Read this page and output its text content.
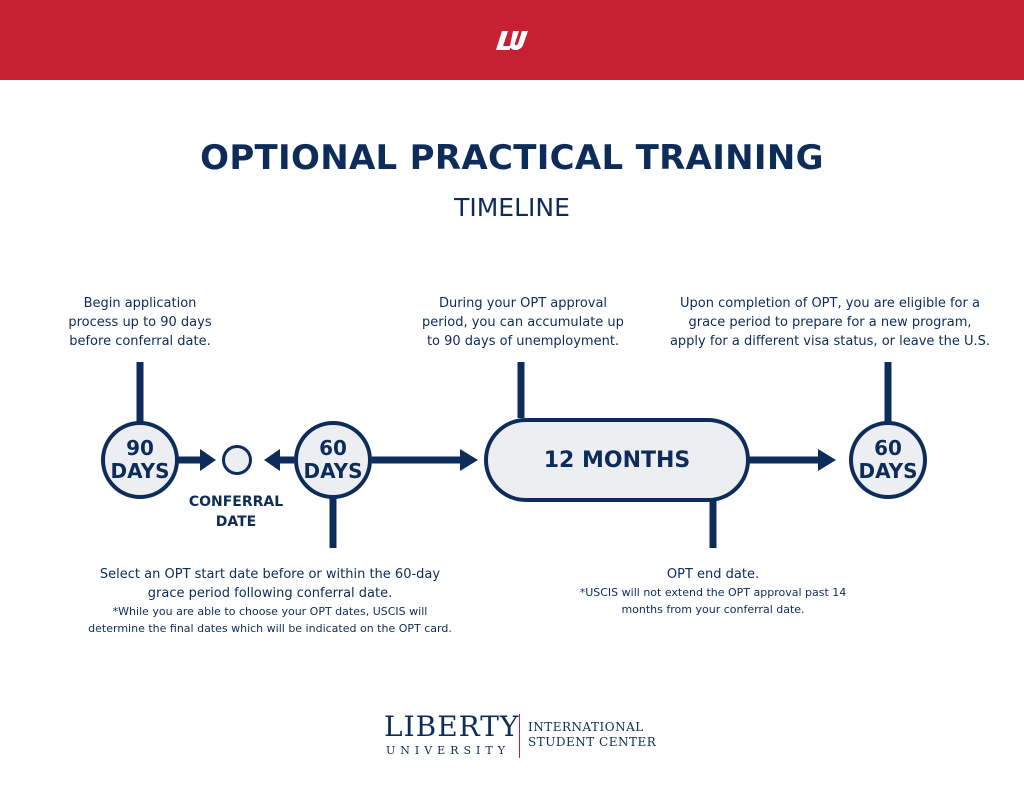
OPTIONAL PRACTICAL TRAINING
TIMELINE
Begin application
process up to 90 days
before conferral date.
During your OPT approval
period, you can accumulate up
to 90 days of unemployment.
Upon completion of OPT, you are eligible for a
grace period to prepare for a new program,
apply for a different visa status, or leave the U.S.
90
DAYS
60
DAYS	12 MONTHS	60
DAYS
CONFERRAL
DATE
Select an OPT start date before or within the 60-day
grace period following conferral date.
*While you are able to choose your OPT dates, USCIS will
determine the final dates which will be indicated on the OPT card.
OPT end date.
*USCIS will not extend the OPT approval past 14
months from your conferral date.
LIBERTY
UNIVERSITY
INTERNATIONAL
STUDENT CENTER
